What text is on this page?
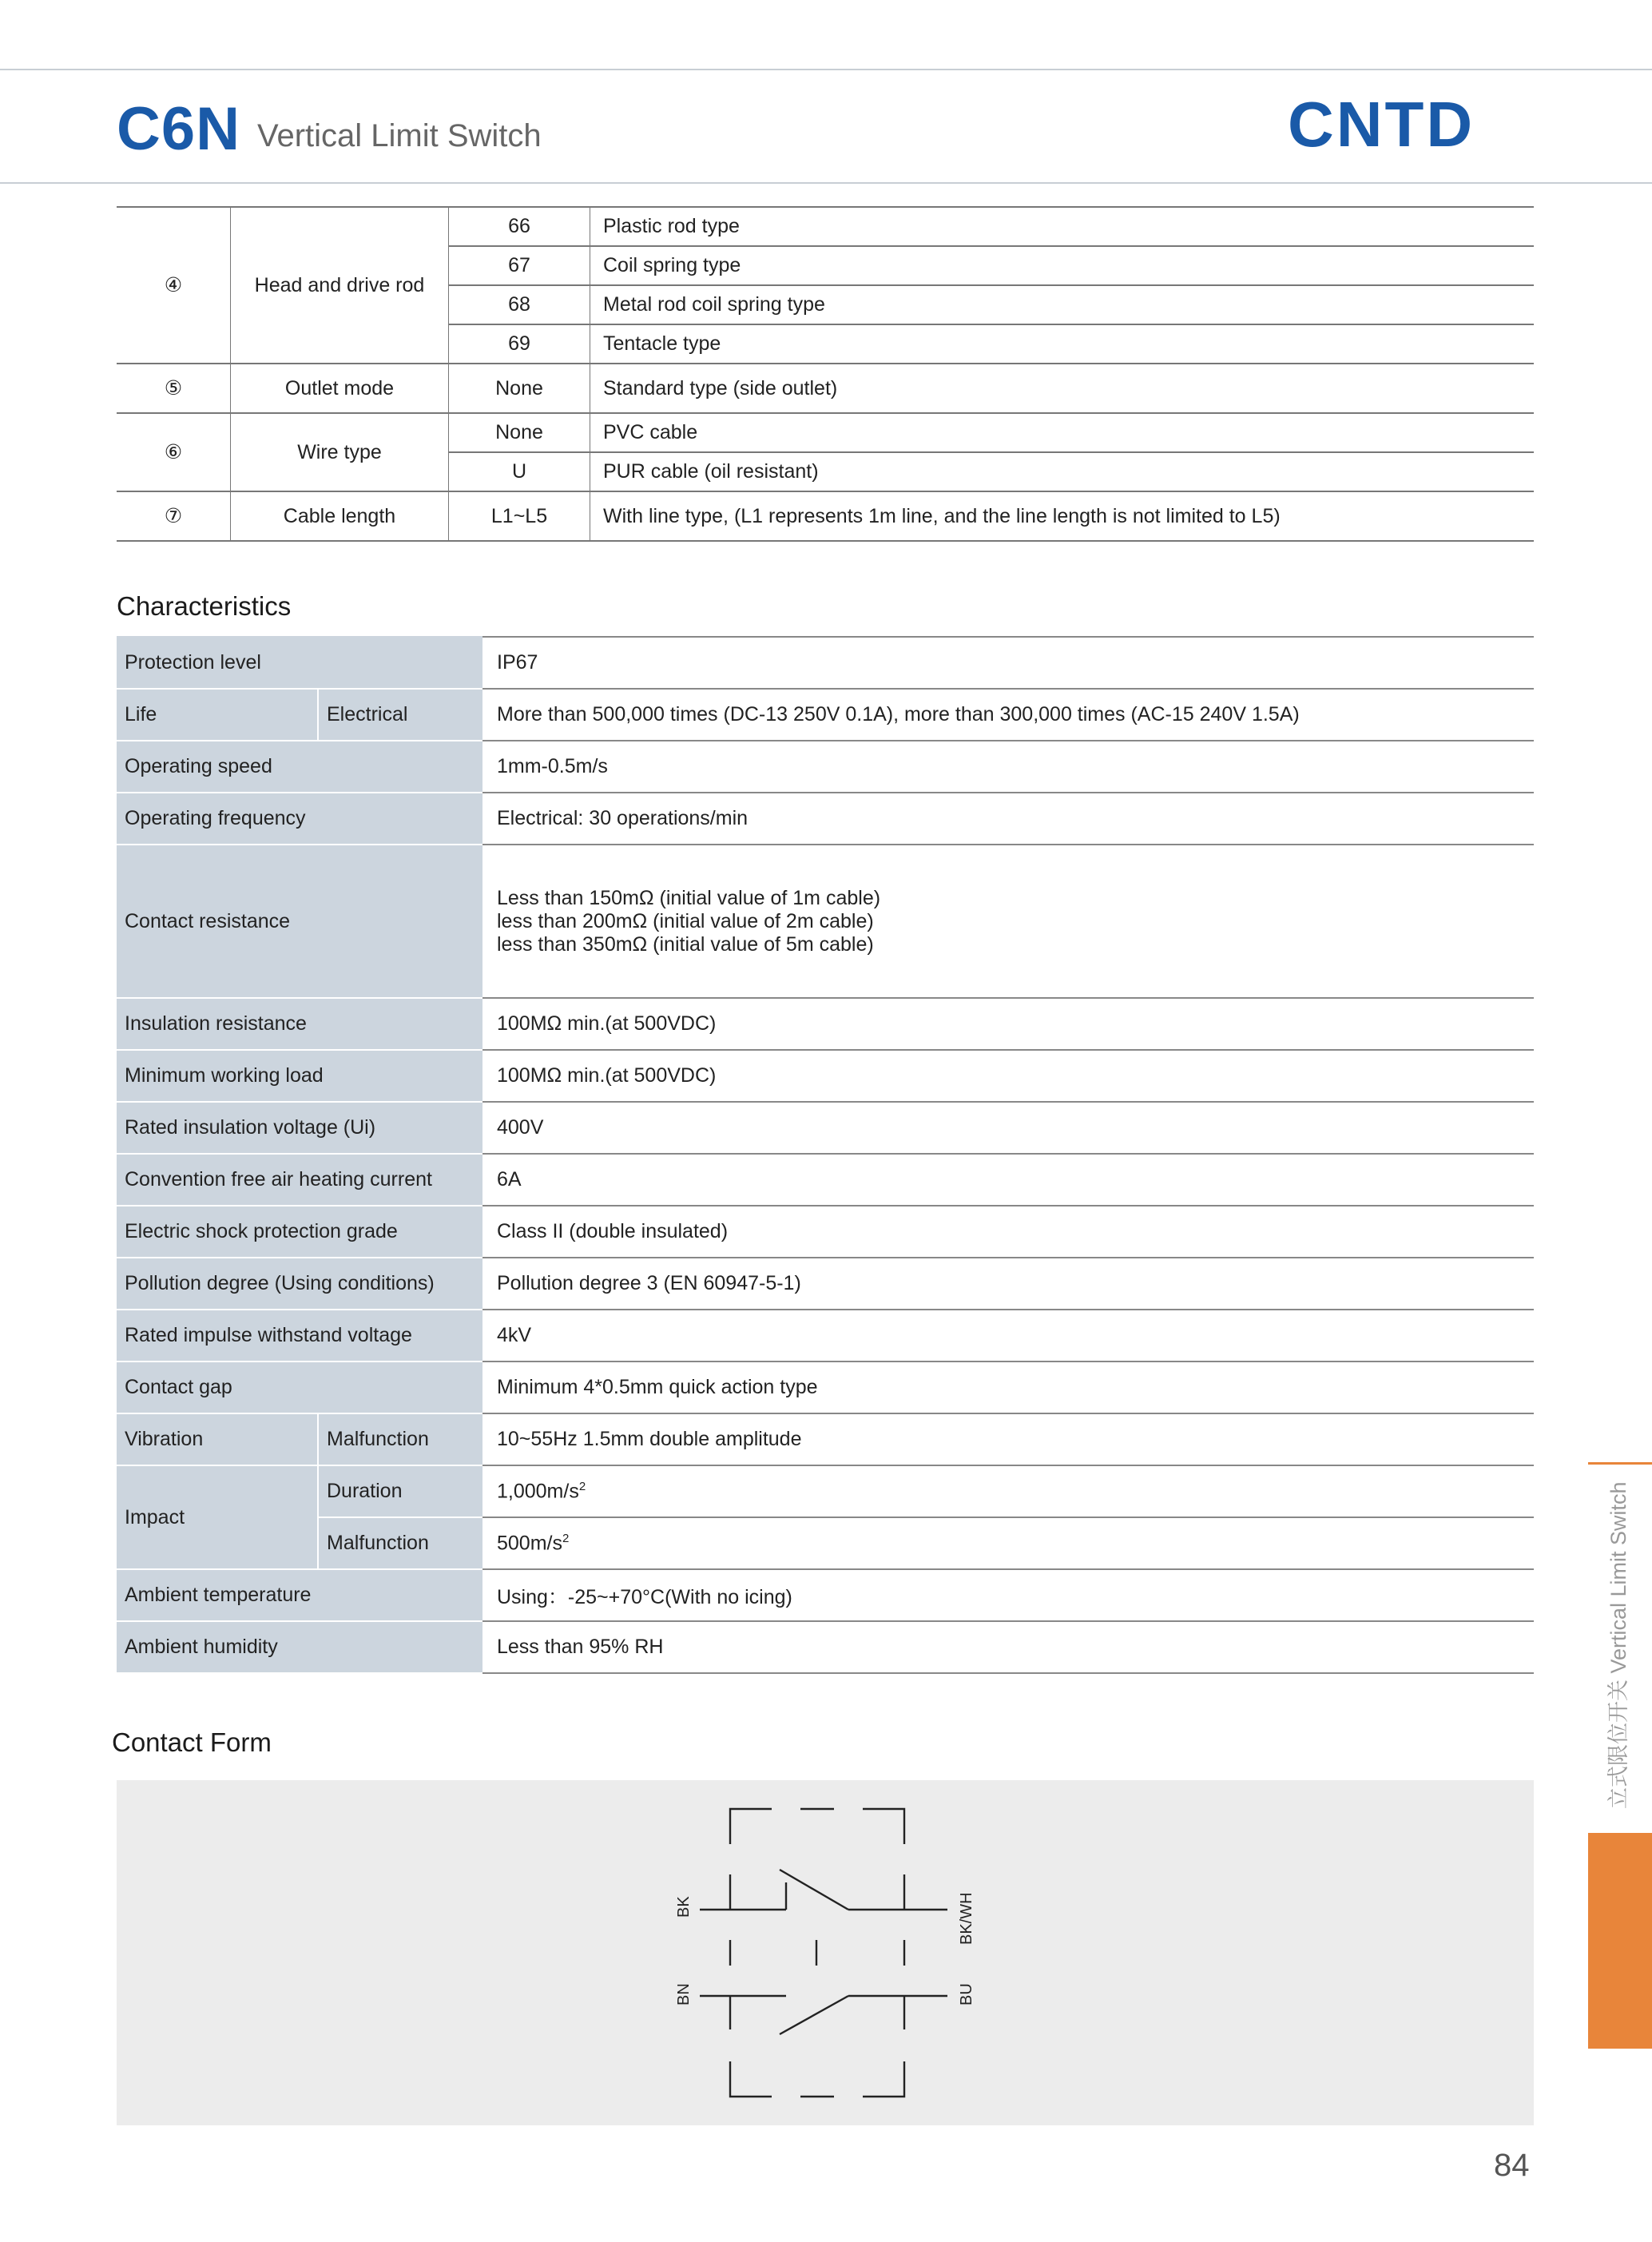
C6N Vertical Limit Switch	CNTD
④	Head and drive rod	66	Plastic rod type
		67	Coil spring type
		68	Metal rod coil spring type
		69	Tentacle type
⑤	Outlet mode	None	Standard type (side outlet)
⑥	Wire type	None	PVC cable
		U	PUR cable (oil resistant)
⑦	Cable length	L1~L5	With line type, (L1 represents 1m line, and the line length is not limited to L5)
Characteristics
Protection level		IP67
Life	Electrical	More than 500,000 times (DC-13 250V 0.1A), more than 300,000 times (AC-15 240V 1.5A)
Operating speed		1mm-0.5m/s
Operating frequency		Electrical: 30 operations/min
Contact resistance		Less than 150mΩ (initial value of 1m cable)
less than 200mΩ (initial value of 2m cable)
less than 350mΩ (initial value of 5m cable)

Insulation resistance		100MΩ min.(at 500VDC)
Minimum working load		100MΩ min.(at 500VDC)
Rated insulation voltage (Ui)		400V
Convention free air heating current		6A
Electric shock protection grade		Class II (double insulated)
Pollution degree (Using conditions)		Pollution degree 3 (EN 60947-5-1)
Rated impulse withstand voltage		4kV
Contact gap		Minimum 4*0.5mm quick action type
Vibration	Malfunction	10~55Hz 1.5mm double amplitude
Impact	Duration	$1,000m/s^2$
	Malfunction	$500m/s^2$
Ambient temperature		Using：-25~+70°C(With no icing)
Ambient humidity		Less than 95% RH
Contact Form
BK	BK/WH
BN	BU
立式限位开关 Vertical Limit Switch
84
